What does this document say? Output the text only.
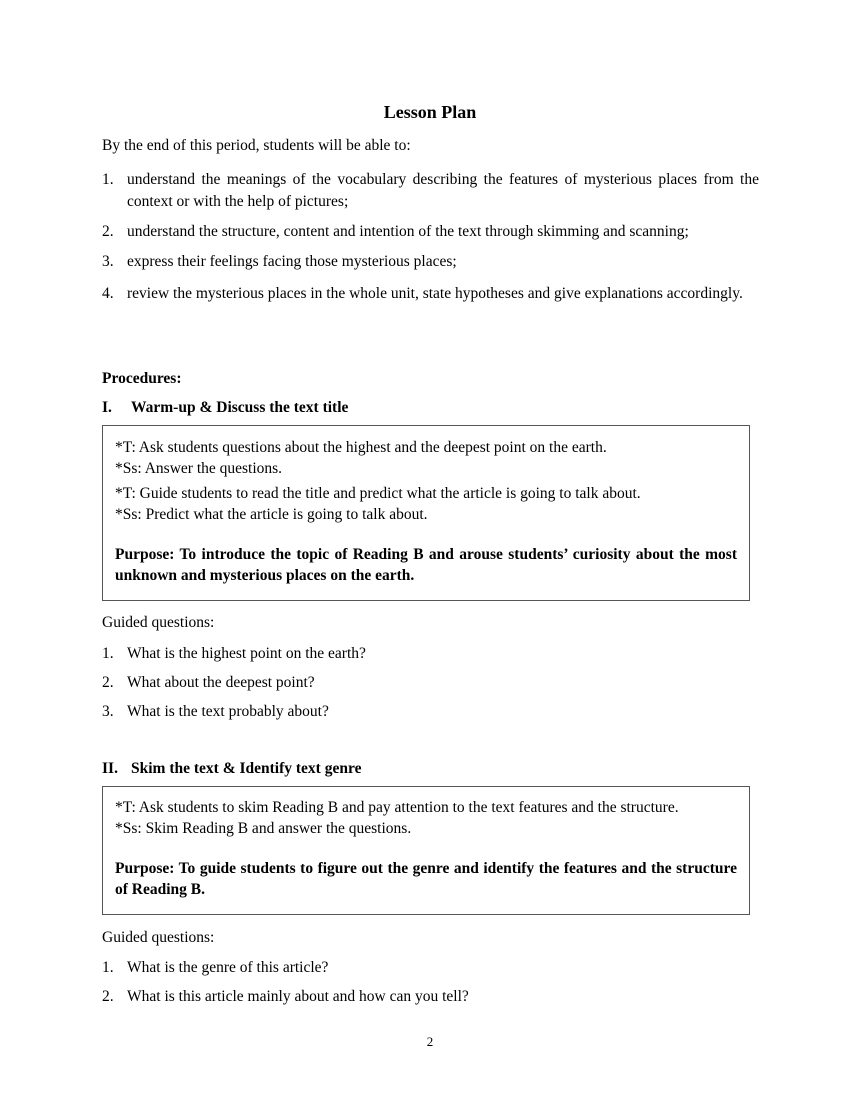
Lesson Plan
By the end of this period, students will be able to:
1. understand the meanings of the vocabulary describing the features of mysterious places from the context or with the help of pictures;
2. understand the structure, content and intention of the text through skimming and scanning;
3. express their feelings facing those mysterious places;
4. review the mysterious places in the whole unit, state hypotheses and give explanations accordingly.
Procedures:
I. Warm-up & Discuss the text title

*T: Ask students questions about the highest and the deepest point on the earth.

*Ss: Answer the questions.

*T: Guide students to read the title and predict what the article is going to talk about.

*Ss: Predict what the article is going to talk about.

Purpose: To introduce the topic of Reading B and arouse students’ curiosity about the most unknown and mysterious places on the earth.

Guided questions:
1. What is the highest point on the earth?
2. What about the deepest point?
3. What is the text probably about?
II. Skim the text & Identify text genre

*T: Ask students to skim Reading B and pay attention to the text features and the structure.

*Ss: Skim Reading B and answer the questions.

Purpose: To guide students to figure out the genre and identify the features and the structure of Reading B.

Guided questions:
1. What is the genre of this article?
2. What is this article mainly about and how can you tell?
2
